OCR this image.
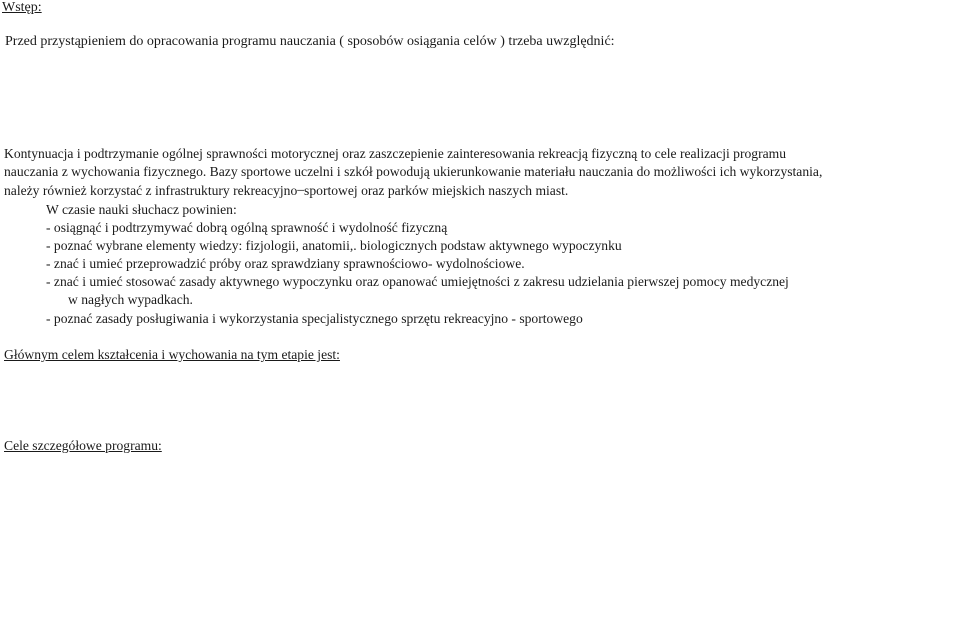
Wstęp:
Przed przystąpieniem do opracowania programu nauczania ( sposobów osiągania celów ) trzeba uwzględnić:
Kontynuacja i podtrzymanie ogólnej sprawności motorycznej oraz zaszczepienie zainteresowania rekreacją fizyczną to cele realizacji programu
nauczania z wychowania fizycznego. Bazy sportowe uczelni i szkół powodują ukierunkowanie materiału nauczania do możliwości ich wykorzystania,
należy również korzystać z infrastruktury rekreacyjno ̶ sportowej oraz parków miejskich naszych miast.
W czasie nauki słuchacz powinien:
- osiągnąć i podtrzymywać dobrą ogólną sprawność i wydolność fizyczną
- poznać wybrane elementy wiedzy: fizjologii, anatomii,. biologicznych podstaw aktywnego wypoczynku
- znać i umieć przeprowadzić próby oraz sprawdziany sprawnościowo- wydolnościowe.
- znać i umieć stosować zasady aktywnego wypoczynku oraz opanować umiejętności z zakresu udzielania pierwszej pomocy medycznej
w nagłych wypadkach.
- poznać zasady posługiwania i wykorzystania specjalistycznego sprzętu rekreacyjno - sportowego
Głównym celem kształcenia i wychowania na tym etapie jest:
Cele szczegółowe programu:
